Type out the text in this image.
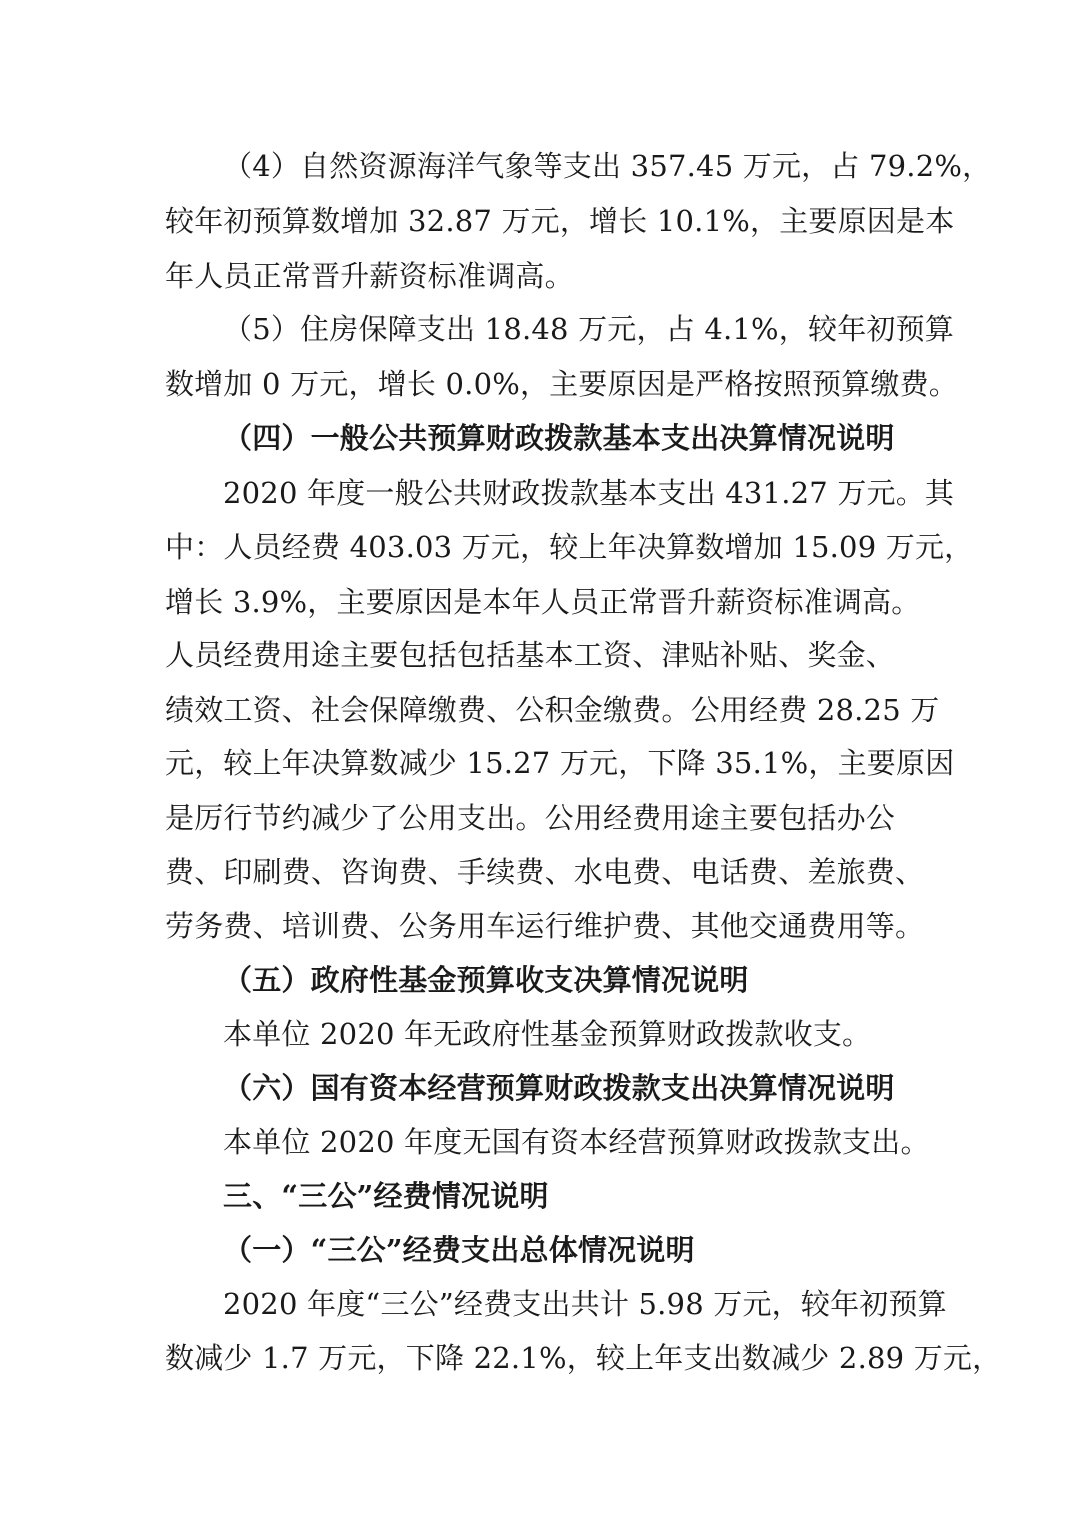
（4）自然资源海洋气象等支出 357.45 万元，占 79.2%，
较年初预算数增加 32.87 万元，增长 10.1%，主要原因是本
年人员正常晋升薪资标准调高。
（5）住房保障支出 18.48 万元，占 4.1%，较年初预算
数增加 0 万元，增长 0.0%，主要原因是严格按照预算缴费。
（四）一般公共预算财政拨款基本支出决算情况说明
2020 年度一般公共财政拨款基本支出 431.27 万元。其
中：人员经费 403.03 万元，较上年决算数增加 15.09 万元，
增长 3.9%，主要原因是本年人员正常晋升薪资标准调高。
人员经费用途主要包括包括基本工资、津贴补贴、奖金、
绩效工资、社会保障缴费、公积金缴费。公用经费 28.25 万
元，较上年决算数减少 15.27 万元，下降 35.1%，主要原因
是厉行节约减少了公用支出。公用经费用途主要包括办公
费、印刷费、咨询费、手续费、水电费、电话费、差旅费、
劳务费、培训费、公务用车运行维护费、其他交通费用等。
（五）政府性基金预算收支决算情况说明
本单位 2020 年无政府性基金预算财政拨款收支。
（六）国有资本经营预算财政拨款支出决算情况说明
本单位 2020 年度无国有资本经营预算财政拨款支出。
三、“三公”经费情况说明
（一）“三公”经费支出总体情况说明
2020 年度“三公”经费支出共计 5.98 万元，较年初预算
数减少 1.7 万元，下降 22.1%，较上年支出数减少 2.89 万元，
